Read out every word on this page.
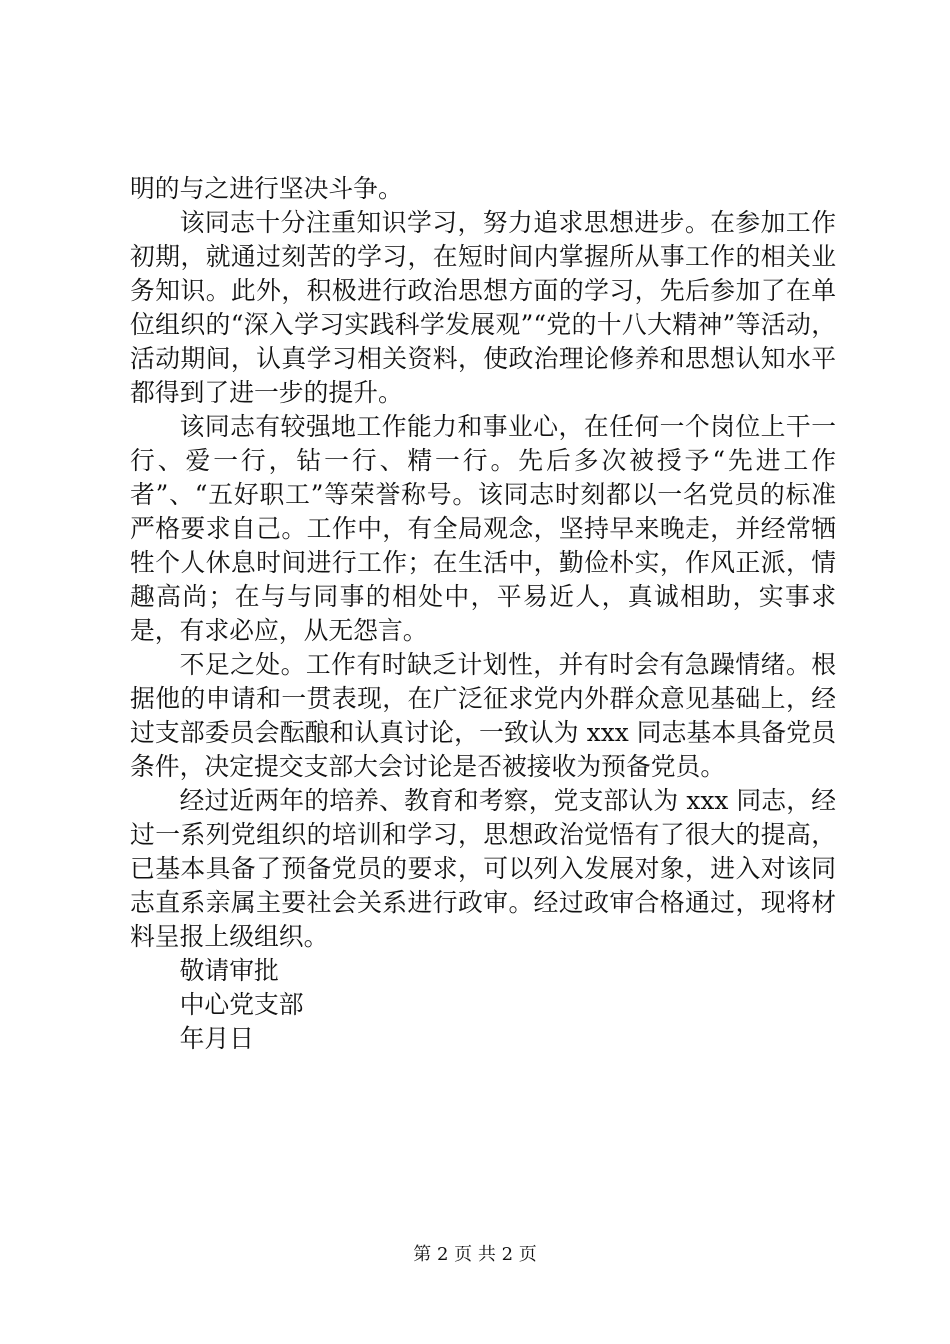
明的与之进行坚决斗争。

该同志十分注重知识学习，努力追求思想进步。在参加工作初期，就通过刻苦的学习，在短时间内掌握所从事工作的相关业务知识。此外，积极进行政治思想方面的学习，先后参加了在单位组织的“深入学习实践科学发展观”“党的十八大精神”等活动，活动期间，认真学习相关资料，使政治理论修养和思想认知水平都得到了进一步的提升。

该同志有较强地工作能力和事业心，在任何一个岗位上干一行、爱一行，钻一行、精一行。先后多次被授予“先进工作者”、“五好职工”等荣誉称号。该同志时刻都以一名党员的标准严格要求自己。工作中，有全局观念，坚持早来晚走，并经常牺牲个人休息时间进行工作；在生活中，勤俭朴实，作风正派，情趣高尚；在与与同事的相处中，平易近人，真诚相助，实事求是，有求必应，从无怨言。

不足之处。工作有时缺乏计划性，并有时会有急躁情绪。根据他的申请和一贯表现，在广泛征求党内外群众意见基础上，经过支部委员会酝酿和认真讨论，一致认为 xxx 同志基本具备党员条件，决定提交支部大会讨论是否被接收为预备党员。

经过近两年的培养、教育和考察，党支部认为 xxx 同志，经过一系列党组织的培训和学习，思想政治觉悟有了很大的提高，已基本具备了预备党员的要求，可以列入发展对象，进入对该同志直系亲属主要社会关系进行政审。经过政审合格通过，现将材料呈报上级组织。

敬请审批

中心党支部

年月日

第 2 页 共 2 页
